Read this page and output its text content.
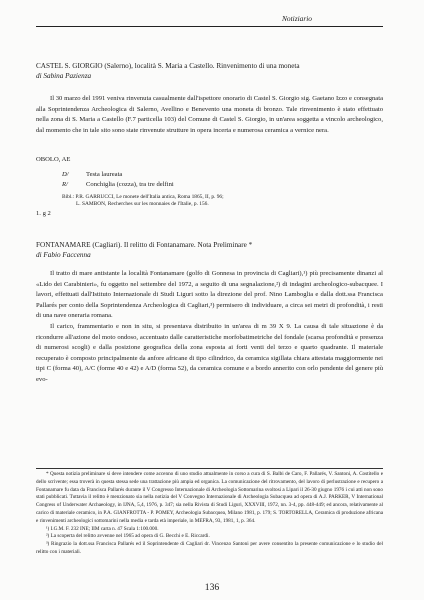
Notiziario
CASTEL S. GIORGIO (Salerno), località S. Maria a Castello. Rinvenimento di una moneta
di Sabina Pazienza

Il 30 marzo del 1991 veniva rinvenuta casualmente dall'ispettore onorario di Castel S. Giorgio sig. Gaetano Izzo e consegnata alla Soprintendenza Archeologica di Salerno, Avellino e Benevento una moneta di bronzo. Tale rinvenimento è stato effettuato nella zona di S. Maria a Castello (F.7 particella 103) del Comune di Castel S. Giorgio, in un'area soggetta a vincolo archeologico, dal momento che in tale sito sono state rinvenute strutture in opera incerta e numerosa ceramica a vernice nera.

OBOLO, AE
D/	Testa laureata
R/	Conchiglia (cozza), tra tre delfini
Bibl.: P.R. GARRUCCI, Le monete dell'Italia antica, Roma 1865, II, p. 96;
L. SAMBON, Recherches sur les monnaies de l'Italie, p. 156.
1. g 2
FONTANAMARE (Cagliari). Il relitto di Fontanamare. Nota Preliminare *
di Fabio Faccenna

Il tratto di mare antistante la località Fontanamare (golfo di Gonnesa in provincia di Cagliari),¹) più precisamente dinanzi al «Lido dei Carabinieri», fu oggetto nel settembre del 1972, a seguito di una segnalazione,²) di indagini archeologico-subacquee. I lavori, effettuati dall'Istituto Internazionale di Studi Liguri sotto la direzione del prof. Nino Lamboglia e dalla dott.ssa Francisca Pallarés per conto della Soprintendenza Archeologica di Cagliari,³) permisero di individuare, a circa sei metri di profondità, i resti di una nave oneraria romana.

Il carico, frammentario e non in situ, si presentava distribuito in un'area di m 39 X 9. La causa di tale situazione è da ricondurre all'azione del moto ondoso, accentuato dalle caratteristiche morfobatimetriche del fondale (scarsa profondità e presenza di numerosi scogli) e dalla posizione geografica della zona esposta ai forti venti del terzo e quarto quadrante. Il materiale recuperato è composto principalmente da anfore africane di tipo cilindrico, da ceramica sigillata chiara attestata maggiormente nei tipi C (forma 40), A/C (forme 40 e 42) e A/D (forma 52), da ceramica comune e a bordo annerito con orlo pendente del genere più evo-

* Questa notizia preliminare si deve intendere come accenno di uno studio attualmente in corso a cura di S. Balbi de Caro, F. Pallarés, V. Santoni, A. Costitello e dello scrivente; essa troverà in questa stessa sede una trattazione più ampia ed organica. La comunicazione del ritrovamento, del lavoro di perlustrazione e recupero a Fontanamare fu data da Francisca Pallarés durante il V Congresso Internazionale di Archeologia Sottomarina svoltosi a Lipari il 26-30 giugno 1976 i cui atti non sono stati pubblicati. Tuttavia il relitto è menzionato sia nella notizia del V Convegno Internazionale di Archeologia Subacquea ad opera di A.J. PARKER, V International Congress of Underwater Archaeology, in IJNA, 5,4, 1976, p. 347; sia nella Rivista di Studi Liguri, XXXVIII, 1972, nn. 3-4, pp. 448-449; ed ancora, relativamente al carico di materiale ceramico, in P.A. GIANFROTTA - P. POMEY, Archeologia Subacquea, Milano 1981, p. 179; S. TORTORELLA, Ceramica di produzione africana e rinvenimenti archeologici sottomarini nella media e tarda età imperiale, in MEFRA, 93, 1981, 1, p. 364.

¹) I.G.M. F. 232 INE; IIM carta n. 47 Scala 1:100.000.

²) La scoperta del relitto avvenne nel 1965 ad opera di G. Becchi e E. Riccardi.

³) Ringrazio la dott.ssa Francisca Pallarés ed il Soprintendente di Cagliari dr. Vincenzo Santoni per avere consentito la presente comunicazione e lo studio del relitto con i materiali.

136
